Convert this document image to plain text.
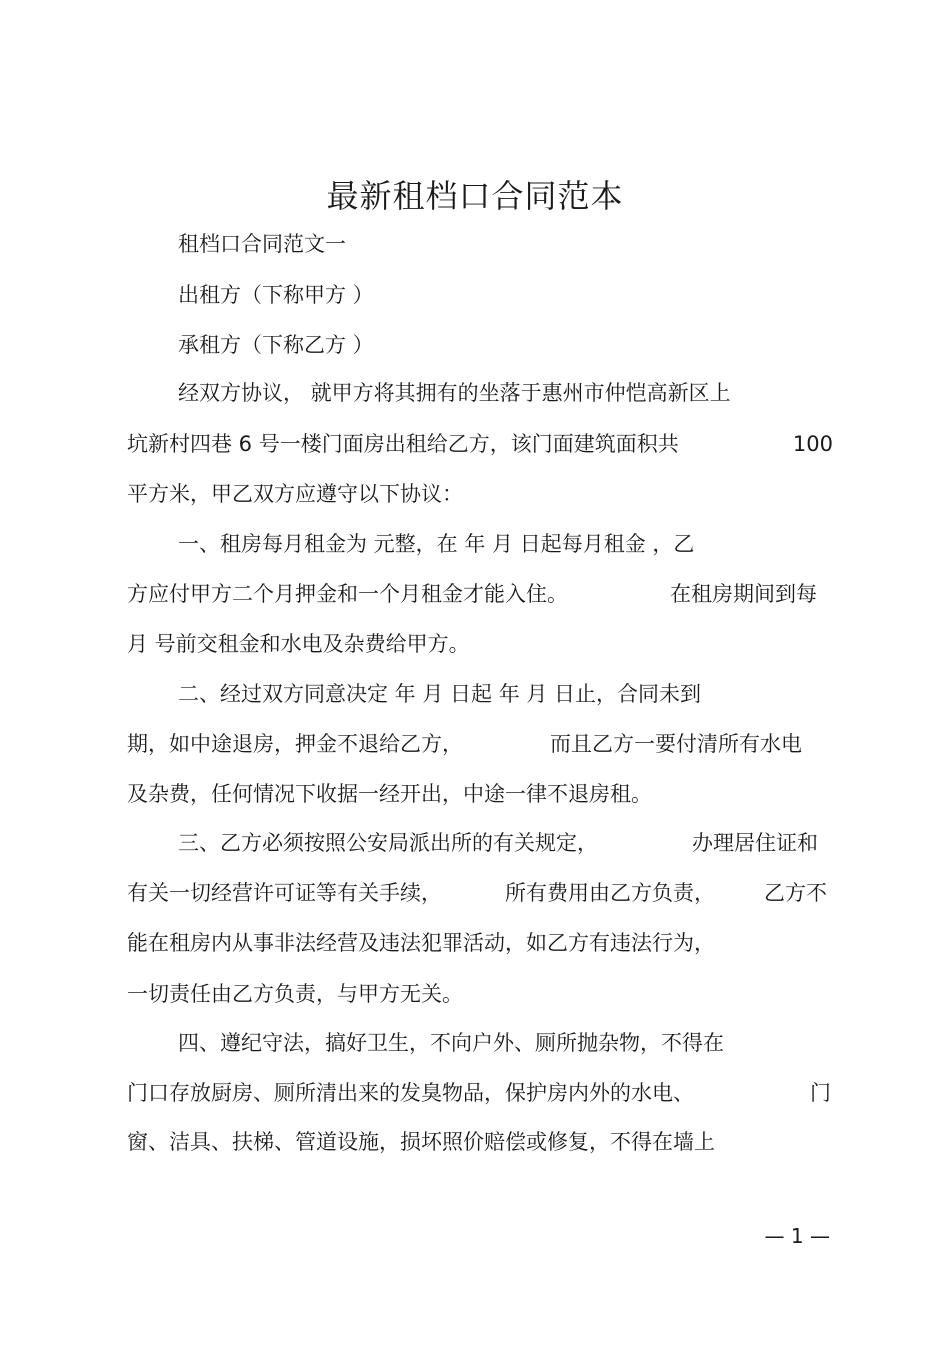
最新租档口合同范本
租档口合同范文一
出租方（下称甲方 ）
承租方（下称乙方 ）
经双方协议， 就甲方将其拥有的坐落于惠州市仲恺高新区上
坑新村四巷 6 号一楼门面房出租给乙方，该门面建筑面积共	100
平方米，甲乙双方应遵守以下协议：
一、租房每月租金为 元整，在 年 月 日起每月租金 ，乙
方应付甲方二个月押金和一个月租金才能入住。	在租房期间到每
月 号前交租金和水电及杂费给甲方。
二、经过双方同意决定 年 月 日起 年 月 日止，合同未到
期，如中途退房，押金不退给乙方，	而且乙方一要付清所有水电
及杂费，任何情况下收据一经开出，中途一律不退房租。
三、乙方必须按照公安局派出所的有关规定，	办理居住证和
有关一切经营许可证等有关手续，	所有费用由乙方负责， 乙方不
能在租房内从事非法经营及违法犯罪活动，如乙方有违法行为，
一切责任由乙方负责，与甲方无关。
四、遵纪守法，搞好卫生，不向户外、厕所抛杂物，不得在
门口存放厨房、厕所清出来的发臭物品，保护房内外的水电、	门
窗、洁具、扶梯、管道设施，损坏照价赔偿或修复，不得在墙上
— 1 —
